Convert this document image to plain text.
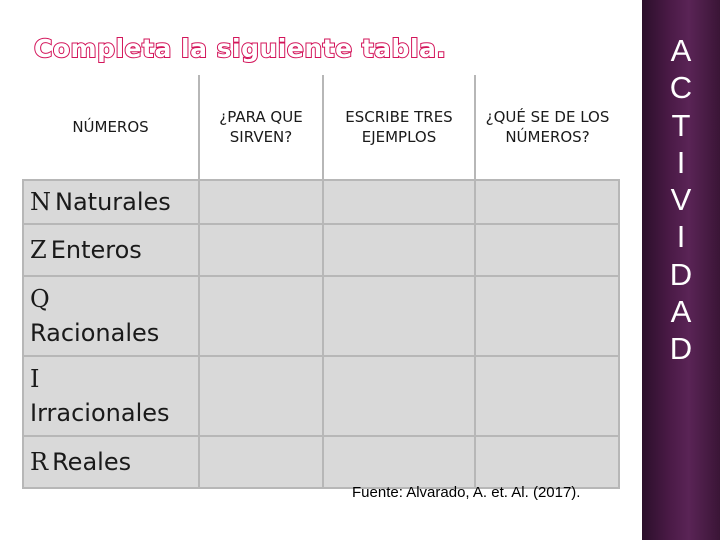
Completa la siguiente tabla.
NÚMEROS	¿PARA QUE SIRVEN?	ESCRIBE TRES EJEMPLOS	¿QUÉ SE DE LOS NÚMEROS?
N Naturales			
Z Enteros			
Q
Racionales			
I
Irracionales			
R Reales			
Fuente: Alvarado, A. et. Al. (2017).
A
C
T
I
V
I
D
A
D
